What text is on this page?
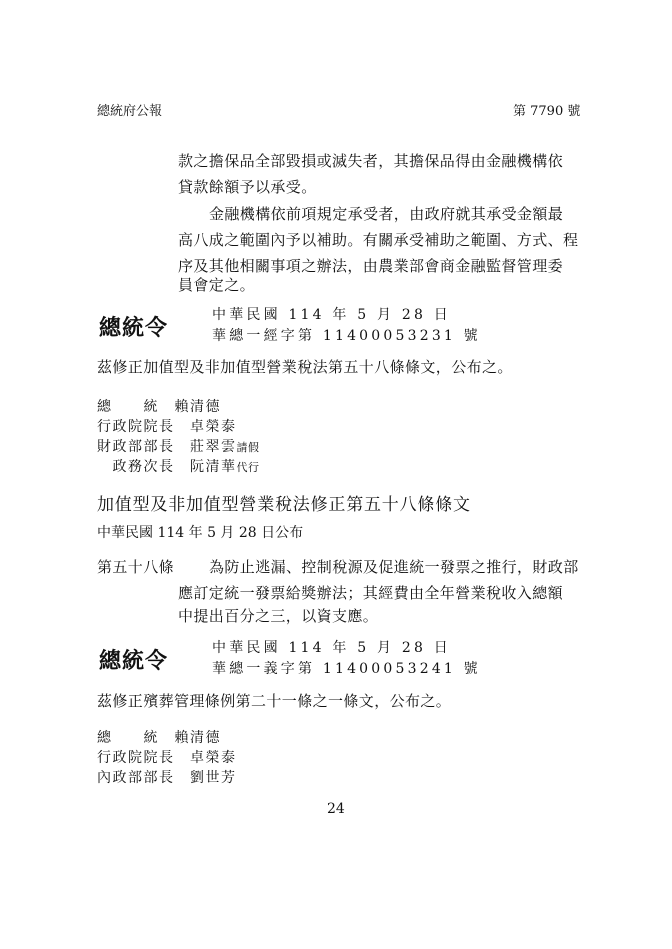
總統府公報	第 7790 號
款之擔保品全部毀損或滅失者，其擔保品得由金融機構依
貸款餘額予以承受。
金融機構依前項規定承受者，由政府就其承受金額最
高八成之範圍內予以補助。有關承受補助之範圍、方式、程
序及其他相關事項之辦法，由農業部會商金融監督管理委
員會定之。
總統令
中華民國 114 年 5 月 28 日
華總一經字第 11400053231 號
茲修正加值型及非加值型營業稅法第五十八條條文，公布之。
總　　統　 賴清德
行政院院長　 卓榮泰
財政部部長　 莊翠雲請假
　政務次長　 阮清華代行
加值型及非加值型營業稅法修正第五十八條條文
中華民國 114 年 5 月 28 日公布
第五十八條 為防止逃漏、控制稅源及促進統一發票之推行，財政部
應訂定統一發票給獎辦法；其經費由全年營業稅收入總額
中提出百分之三，以資支應。
總統令
中華民國 114 年 5 月 28 日
華總一義字第 11400053241 號
茲修正殯葬管理條例第二十一條之一條文，公布之。
總　　統　 賴清德
行政院院長　 卓榮泰
內政部部長　 劉世芳
24
